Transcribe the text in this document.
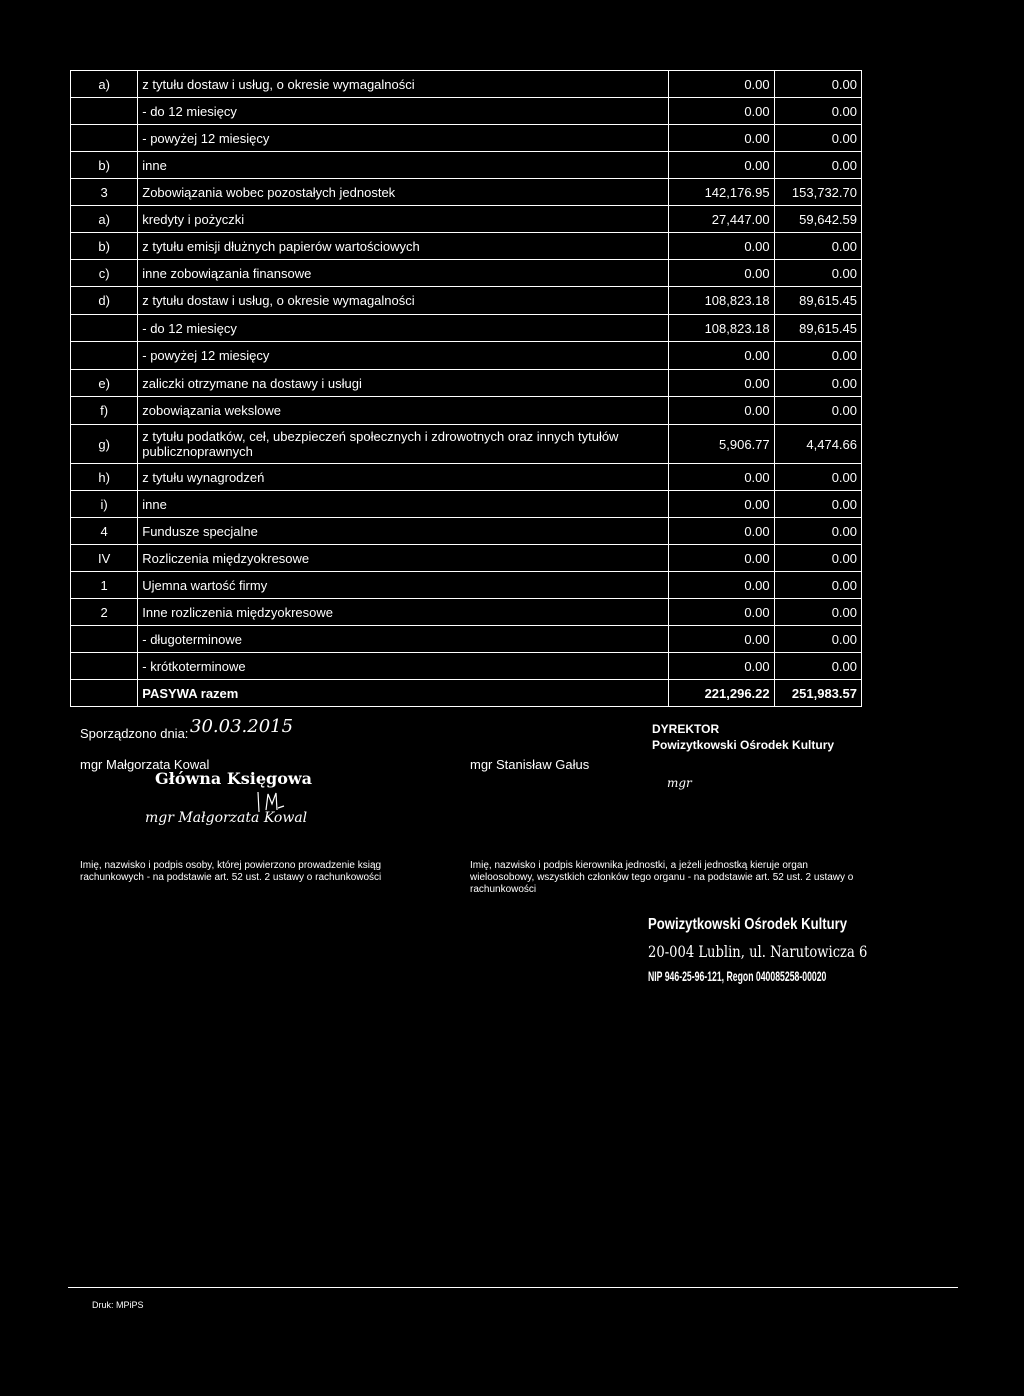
a)	z tytułu dostaw i usług, o okresie wymagalności	0.00	0.00
	- do 12 miesięcy	0.00	0.00
	- powyżej 12 miesięcy	0.00	0.00
b)	inne	0.00	0.00
3	Zobowiązania wobec pozostałych jednostek	142,176.95	153,732.70
a)	kredyty i pożyczki	27,447.00	59,642.59
b)	z tytułu emisji dłużnych papierów wartościowych	0.00	0.00
c)	inne zobowiązania finansowe	0.00	0.00
d)	z tytułu dostaw i usług, o okresie wymagalności	108,823.18	89,615.45
	- do 12 miesięcy	108,823.18	89,615.45
	- powyżej 12 miesięcy	0.00	0.00
e)	zaliczki otrzymane na dostawy i usługi	0.00	0.00
f)	zobowiązania wekslowe	0.00	0.00
g)	z tytułu podatków, ceł, ubezpieczeń społecznych i zdrowotnych oraz innych tytułów publicznoprawnych	5,906.77	4,474.66
h)	z tytułu wynagrodzeń	0.00	0.00
i)	inne	0.00	0.00
4	Fundusze specjalne	0.00	0.00
IV	Rozliczenia międzyokresowe	0.00	0.00
1	Ujemna wartość firmy	0.00	0.00
2	Inne rozliczenia międzyokresowe	0.00	0.00
	- długoterminowe	0.00	0.00
	- krótkoterminowe	0.00	0.00
	PASYWA razem	221,296.22	251,983.57
Sporządzono dnia: 30.03.2015
mgr Małgorzata Kowal
Główna Księgowa
mgr Małgorzata Kowal
mgr Stanisław Gałus
DYREKTOR
Powizytkowski Ośrodek Kultury
mgr
Imię, nazwisko i podpis osoby, której powierzono prowadzenie ksiąg rachunkowych - na podstawie art. 52 ust. 2 ustawy o rachunkowości
Imię, nazwisko i podpis kierownika jednostki, a jeżeli jednostką kieruje organ wieloosobowy, wszystkich członków tego organu - na podstawie art. 52 ust. 2 ustawy o rachunkowości
Powizytkowski Ośrodek Kultury
20-004 Lublin, ul. Narutowicza 6
NIP 946-25-96-121, Regon 040085258-00020
Druk: MPiPS
